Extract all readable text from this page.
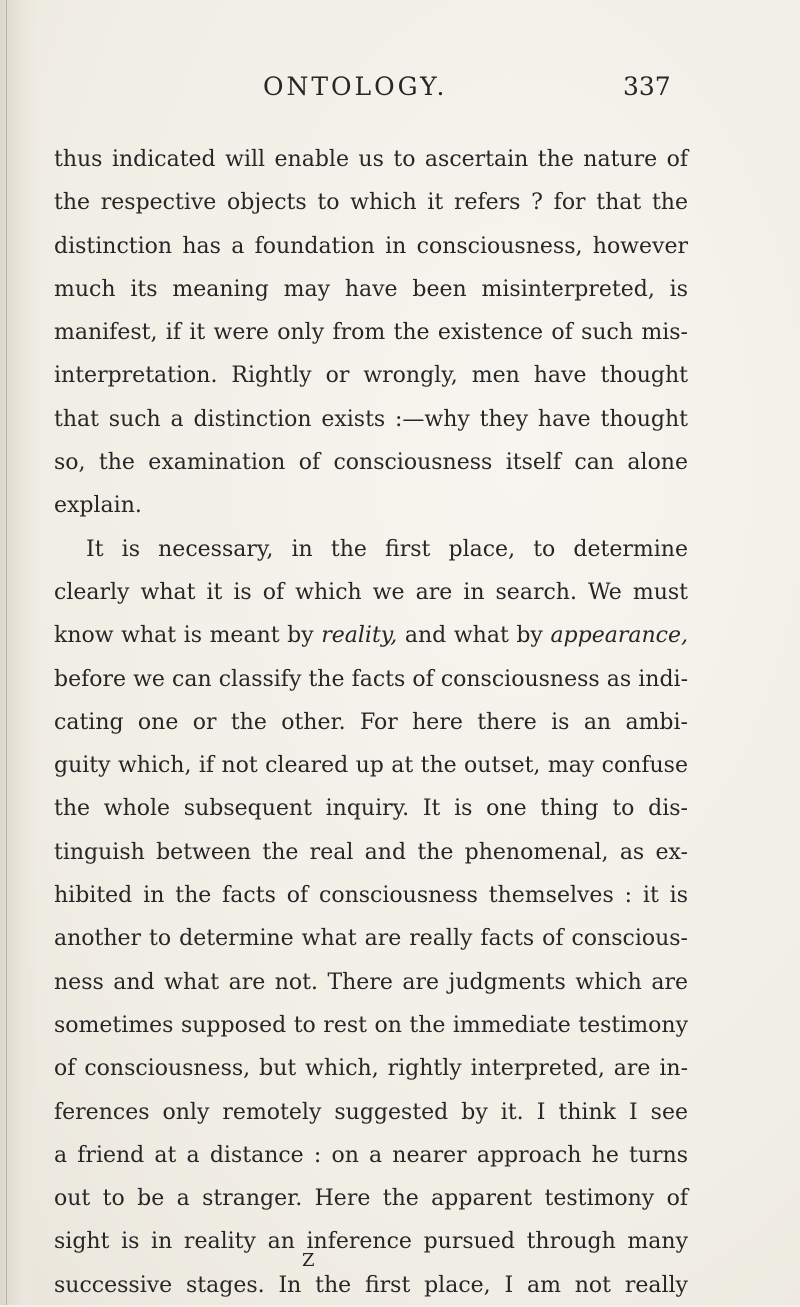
ONTOLOGY.	337
thus indicated will enable us to ascertain the nature of
the respective objects to which it refers ? for that the
distinction has a foundation in consciousness, however
much its meaning may have been misinterpreted, is
manifest, if it were only from the existence of such mis-
interpretation. Rightly or wrongly, men have thought
that such a distinction exists :—why they have thought
so, the examination of consciousness itself can alone
explain.
It is necessary, in the first place, to determine
clearly what it is of which we are in search. We must
know what is meant by reality, and what by appearance,
before we can classify the facts of consciousness as indi-
cating one or the other. For here there is an ambi-
guity which, if not cleared up at the outset, may confuse
the whole subsequent inquiry. It is one thing to dis-
tinguish between the real and the phenomenal, as ex-
hibited in the facts of consciousness themselves : it is
another to determine what are really facts of conscious-
ness and what are not. There are judgments which are
sometimes supposed to rest on the immediate testimony
of consciousness, but which, rightly interpreted, are in-
ferences only remotely suggested by it. I think I see
a friend at a distance : on a nearer approach he turns
out to be a stranger. Here the apparent testimony of
sight is in reality an inference pursued through many
successive stages. In the first place, I am not really
Z
